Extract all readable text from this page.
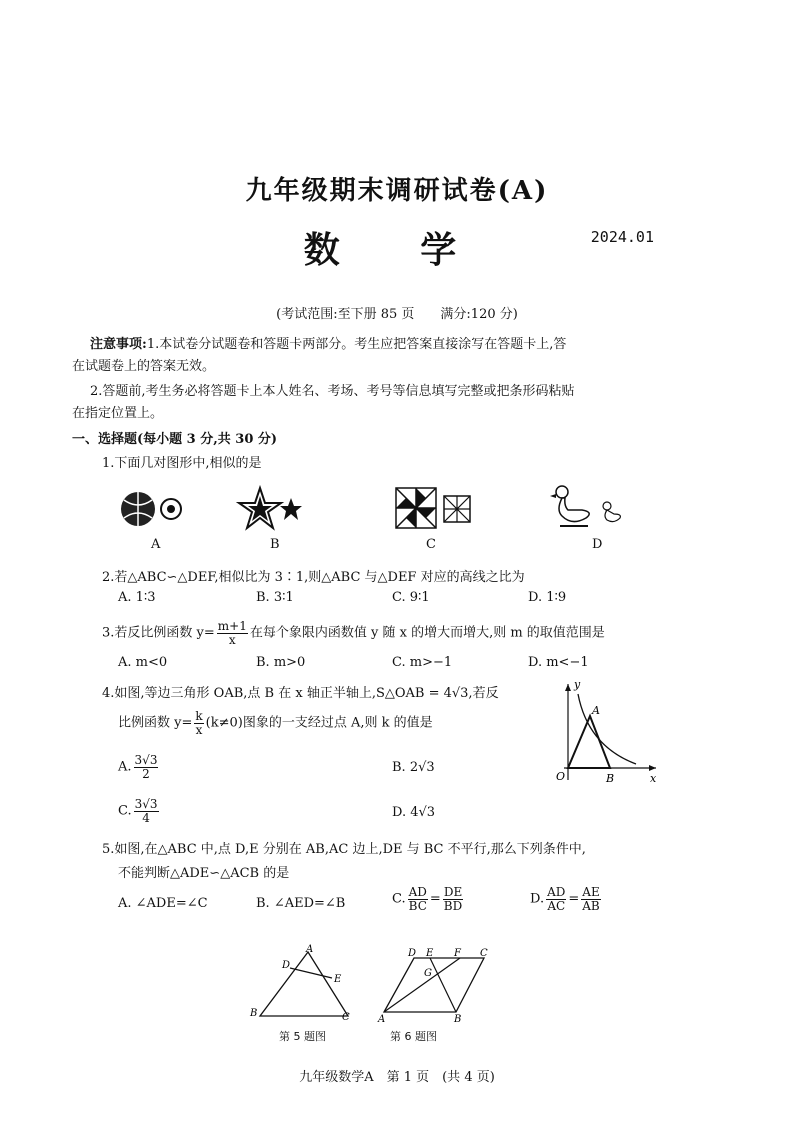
九年级期末调研试卷(A)
数 学	2024.01
(考试范围:至下册 85 页　　满分:120 分)
注意事项:1.本试卷分试题卷和答题卡两部分。考生应把答案直接涂写在答题卡上,答
在试题卷上的答案无效。
2.答题前,考生务必将答题卡上本人姓名、考场、考号等信息填写完整或把条形码粘贴
在指定位置上。
一、选择题(每小题 3 分,共 30 分)
1.下面几对图形中,相似的是
A	B	C	D
2.若△ABC∽△DEF,相似比为 3∶1,则△ABC 与△DEF 对应的高线之比为
A. 1∶3	B. 3∶1	C. 9∶1	D. 1∶9
3.若反比例函数 $y= \frac{m+1}{x}$ 在每个象限内函数值 y 随 x 的增大而增大,则 m 的取值范围是
A. m<0	B. m>0	C. m>−1	D. m<−1
4.如图,等边三角形 OAB,点 B 在 x 轴正半轴上,S△OAB = 4√3,若反
比例函数 $y= \frac{k}{x} (k\ne 0)$图象的一支经过点 A,则 k 的值是
A. $\frac{3√3}{2}$	B. 2√3
C. $\frac{3√3}{4}$	D. 4√3
y
x
O
A
B
5.如图,在△ABC 中,点 D,E 分别在 AB,AC 边上,DE 与 BC 不平行,那么下列条件中,
不能判断△ADE∽△ACB 的是
A. ∠ADE=∠C	B. ∠AED=∠B	C. $\frac{AD}{BC} = \frac{DE}{BD}$	D. $\frac{AD}{AC} = \frac{AE}{AB}$
A
B	C
D
E
第 5 题图
D E F C
G
A	B
第 6 题图
九年级数学A　第 1 页　(共 4 页)
